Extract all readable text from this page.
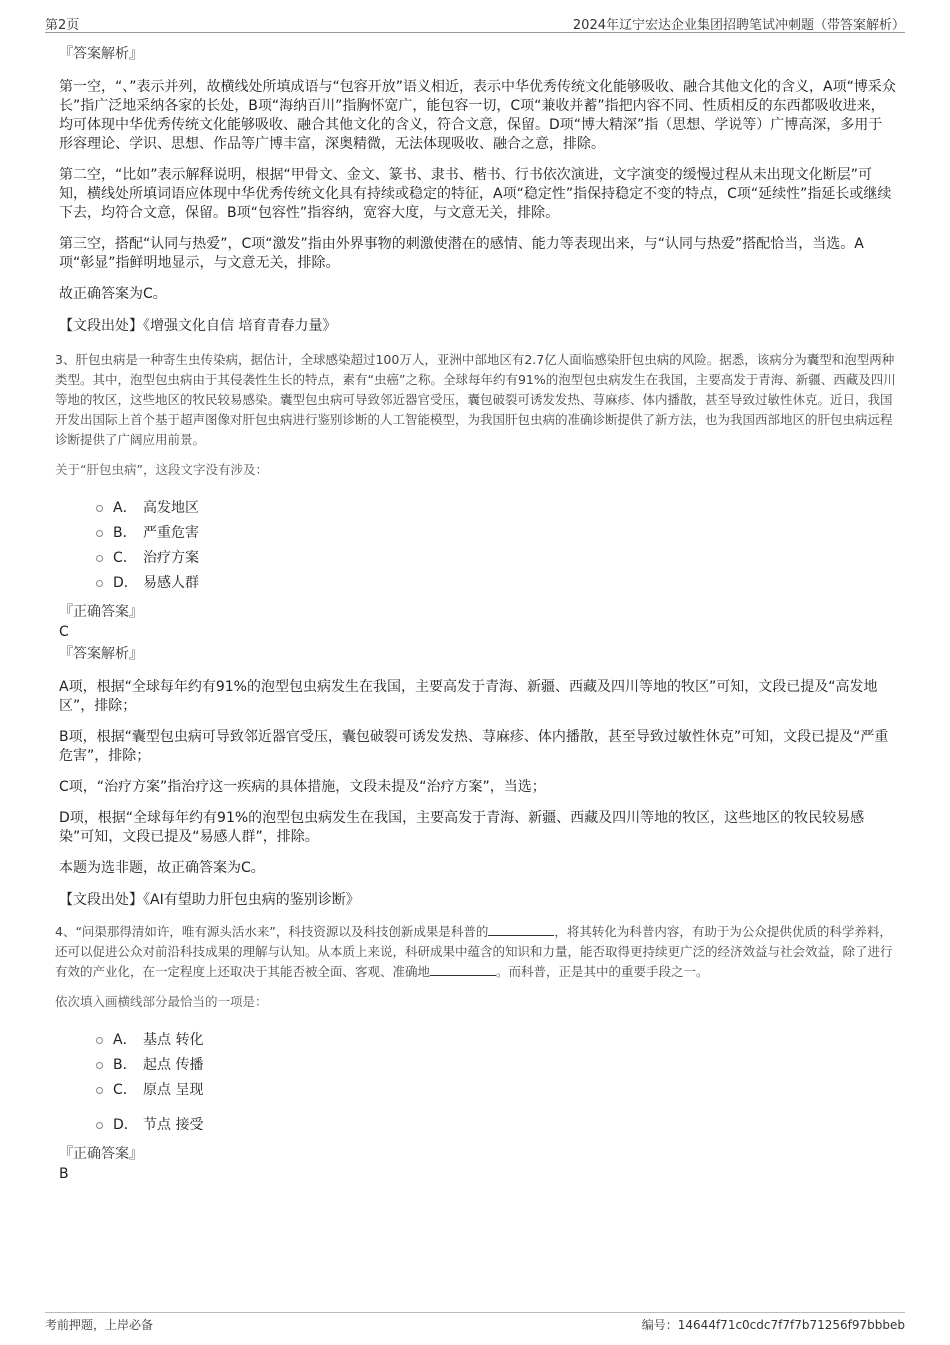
第2页	2024年辽宁宏达企业集团招聘笔试冲刺题（带答案解析）
『答案解析』

第一空，“、”表示并列，故横线处所填成语与“包容开放”语义相近，表示中华优秀传统文化能够吸收、融合其他文化的含义，A项“博采众长”指广泛地采纳各家的长处，B项“海纳百川”指胸怀宽广，能包容一切，C项“兼收并蓄”指把内容不同、性质相反的东西都吸收进来，均可体现中华优秀传统文化能够吸收、融合其他文化的含义，符合文意，保留。D项“博大精深”指（思想、学说等）广博高深，多用于形容理论、学识、思想、作品等广博丰富，深奥精微，无法体现吸收、融合之意，排除。

第二空，“比如”表示解释说明，根据“甲骨文、金文、篆书、隶书、楷书、行书依次演进，文字演变的缓慢过程从未出现文化断层”可知，横线处所填词语应体现中华优秀传统文化具有持续或稳定的特征，A项“稳定性”指保持稳定不变的特点，C项“延续性”指延长或继续下去，均符合文意，保留。B项“包容性”指容纳，宽容大度，与文意无关，排除。

第三空，搭配“认同与热爱”，C项“激发”指由外界事物的刺激使潜在的感情、能力等表现出来，与“认同与热爱”搭配恰当，当选。A项“彰显”指鲜明地显示，与文意无关，排除。

故正确答案为C。

【文段出处】《增强文化自信 培育青春力量》

3、肝包虫病是一种寄生虫传染病，据估计，全球感染超过100万人，亚洲中部地区有2.7亿人面临感染肝包虫病的风险。据悉，该病分为囊型和泡型两种类型。其中，泡型包虫病由于其侵袭性生长的特点，素有“虫癌”之称。全球每年约有91%的泡型包虫病发生在我国，主要高发于青海、新疆、西藏及四川等地的牧区，这些地区的牧民较易感染。囊型包虫病可导致邻近器官受压，囊包破裂可诱发发热、荨麻疹、体内播散，甚至导致过敏性休克。近日，我国开发出国际上首个基于超声图像对肝包虫病进行鉴别诊断的人工智能模型，为我国肝包虫病的准确诊断提供了新方法，也为我国西部地区的肝包虫病远程诊断提供了广阔应用前景。

关于“肝包虫病”，这段文字没有涉及：

A． 高发地区
B． 严重危害
C． 治疗方案
D． 易感人群
『正确答案』
C
『答案解析』

A项，根据“全球每年约有91%的泡型包虫病发生在我国，主要高发于青海、新疆、西藏及四川等地的牧区”可知，文段已提及“高发地区”，排除；

B项，根据“囊型包虫病可导致邻近器官受压，囊包破裂可诱发发热、荨麻疹、体内播散，甚至导致过敏性休克”可知，文段已提及“严重危害”，排除；

C项，“治疗方案”指治疗这一疾病的具体措施，文段未提及“治疗方案”，当选；

D项，根据“全球每年约有91%的泡型包虫病发生在我国，主要高发于青海、新疆、西藏及四川等地的牧区，这些地区的牧民较易感染”可知，文段已提及“易感人群”，排除。

本题为选非题，故正确答案为C。

【文段出处】《AI有望助力肝包虫病的鉴别诊断》

4、“问渠那得清如许，唯有源头活水来”，科技资源以及科技创新成果是科普的	，将其转化为科普内容，有助于为公众提供优质的科学养料，还可以促进公众对前沿科技成果的理解与认知。从本质上来说，科研成果中蕴含的知识和力量，能否取得更持续更广泛的经济效益与社会效益，除了进行有效的产业化，在一定程度上还取决于其能否被全面、客观、准确地	。而科普，正是其中的重要手段之一。

依次填入画横线部分最恰当的一项是：

A． 基点 转化
B． 起点 传播
C． 原点 呈现
D． 节点 接受
『正确答案』
B
考前押题，上岸必备	编号：14644f71c0cdc7f7f7b71256f97bbbeb
